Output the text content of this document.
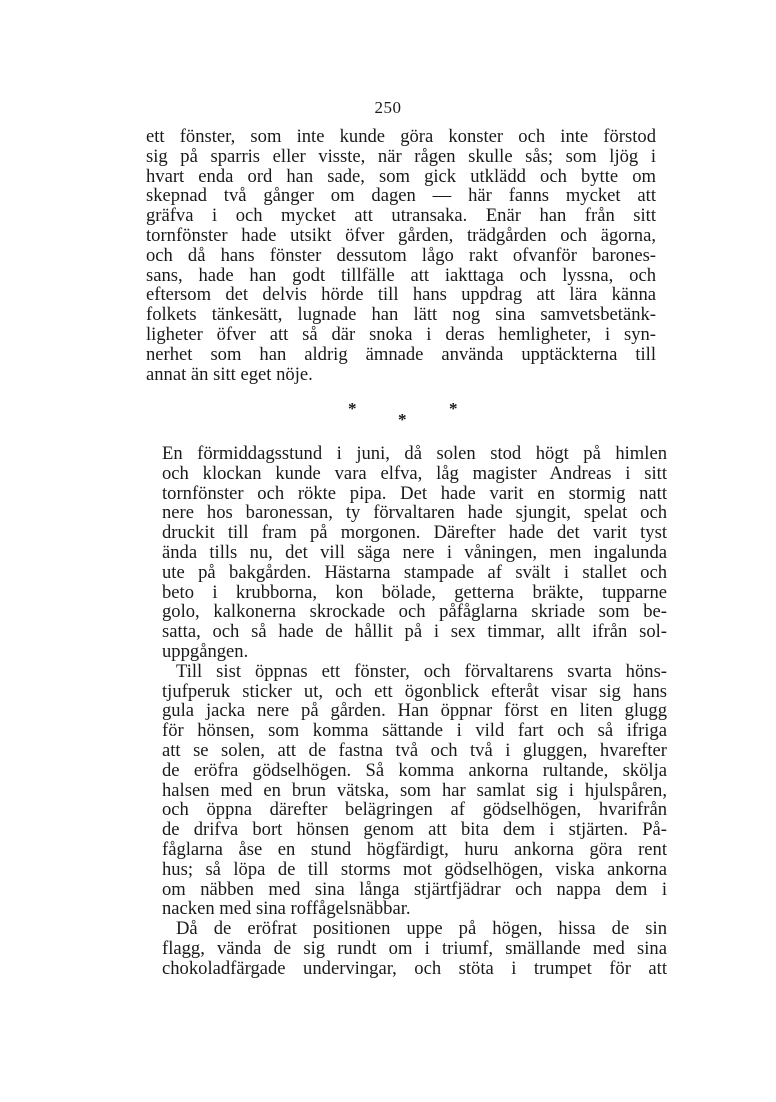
250
ett fönster, som inte kunde göra konster och inte förstod
sig på sparris eller visste, när rågen skulle sås; som ljög i
hvart enda ord han sade, som gick utklädd och bytte om
skepnad två gånger om dagen — här fanns mycket att
gräfva i och mycket att utransaka. Enär han från sitt
tornfönster hade utsikt öfver gården, trädgården och ägorna,
och då hans fönster dessutom lågo rakt ofvanför barones-
sans, hade han godt tillfälle att iakttaga och lyssna, och
eftersom det delvis hörde till hans uppdrag att lära känna
folkets tänkesätt, lugnade han lätt nog sina samvetsbetänk-
ligheter öfver att så där snoka i deras hemligheter, i syn-
nerhet som han aldrig ämnade använda upptäckterna till
annat än sitt eget nöje.
*
*
*
En förmiddagsstund i juni, då solen stod högt på himlen
och klockan kunde vara elfva, låg magister Andreas i sitt
tornfönster och rökte pipa. Det hade varit en stormig natt
nere hos baronessan, ty förvaltaren hade sjungit, spelat och
druckit till fram på morgonen. Därefter hade det varit tyst
ända tills nu, det vill säga nere i våningen, men ingalunda
ute på bakgården. Hästarna stampade af svält i stallet och
beto i krubborna, kon bölade, getterna bräkte, tupparne
golo, kalkonerna skrockade och påfåglarna skriade som be-
satta, och så hade de hållit på i sex timmar, allt ifrån sol-
uppgången.
Till sist öppnas ett fönster, och förvaltarens svarta höns-
tjufperuk sticker ut, och ett ögonblick efteråt visar sig hans
gula jacka nere på gården. Han öppnar först en liten glugg
för hönsen, som komma sättande i vild fart och så ifriga
att se solen, att de fastna två och två i gluggen, hvarefter
de eröfra gödselhögen. Så komma ankorna rultande, skölja
halsen med en brun vätska, som har samlat sig i hjulspåren,
och öppna därefter belägringen af gödselhögen, hvarifrån
de drifva bort hönsen genom att bita dem i stjärten. På-
fåglarna åse en stund högfärdigt, huru ankorna göra rent
hus; så löpa de till storms mot gödselhögen, viska ankorna
om näbben med sina långa stjärtfjädrar och nappa dem i
nacken med sina roffågelsnäbbar.
Då de eröfrat positionen uppe på högen, hissa de sin
flagg, vända de sig rundt om i triumf, smällande med sina
chokoladfärgade undervingar, och stöta i trumpet för att
